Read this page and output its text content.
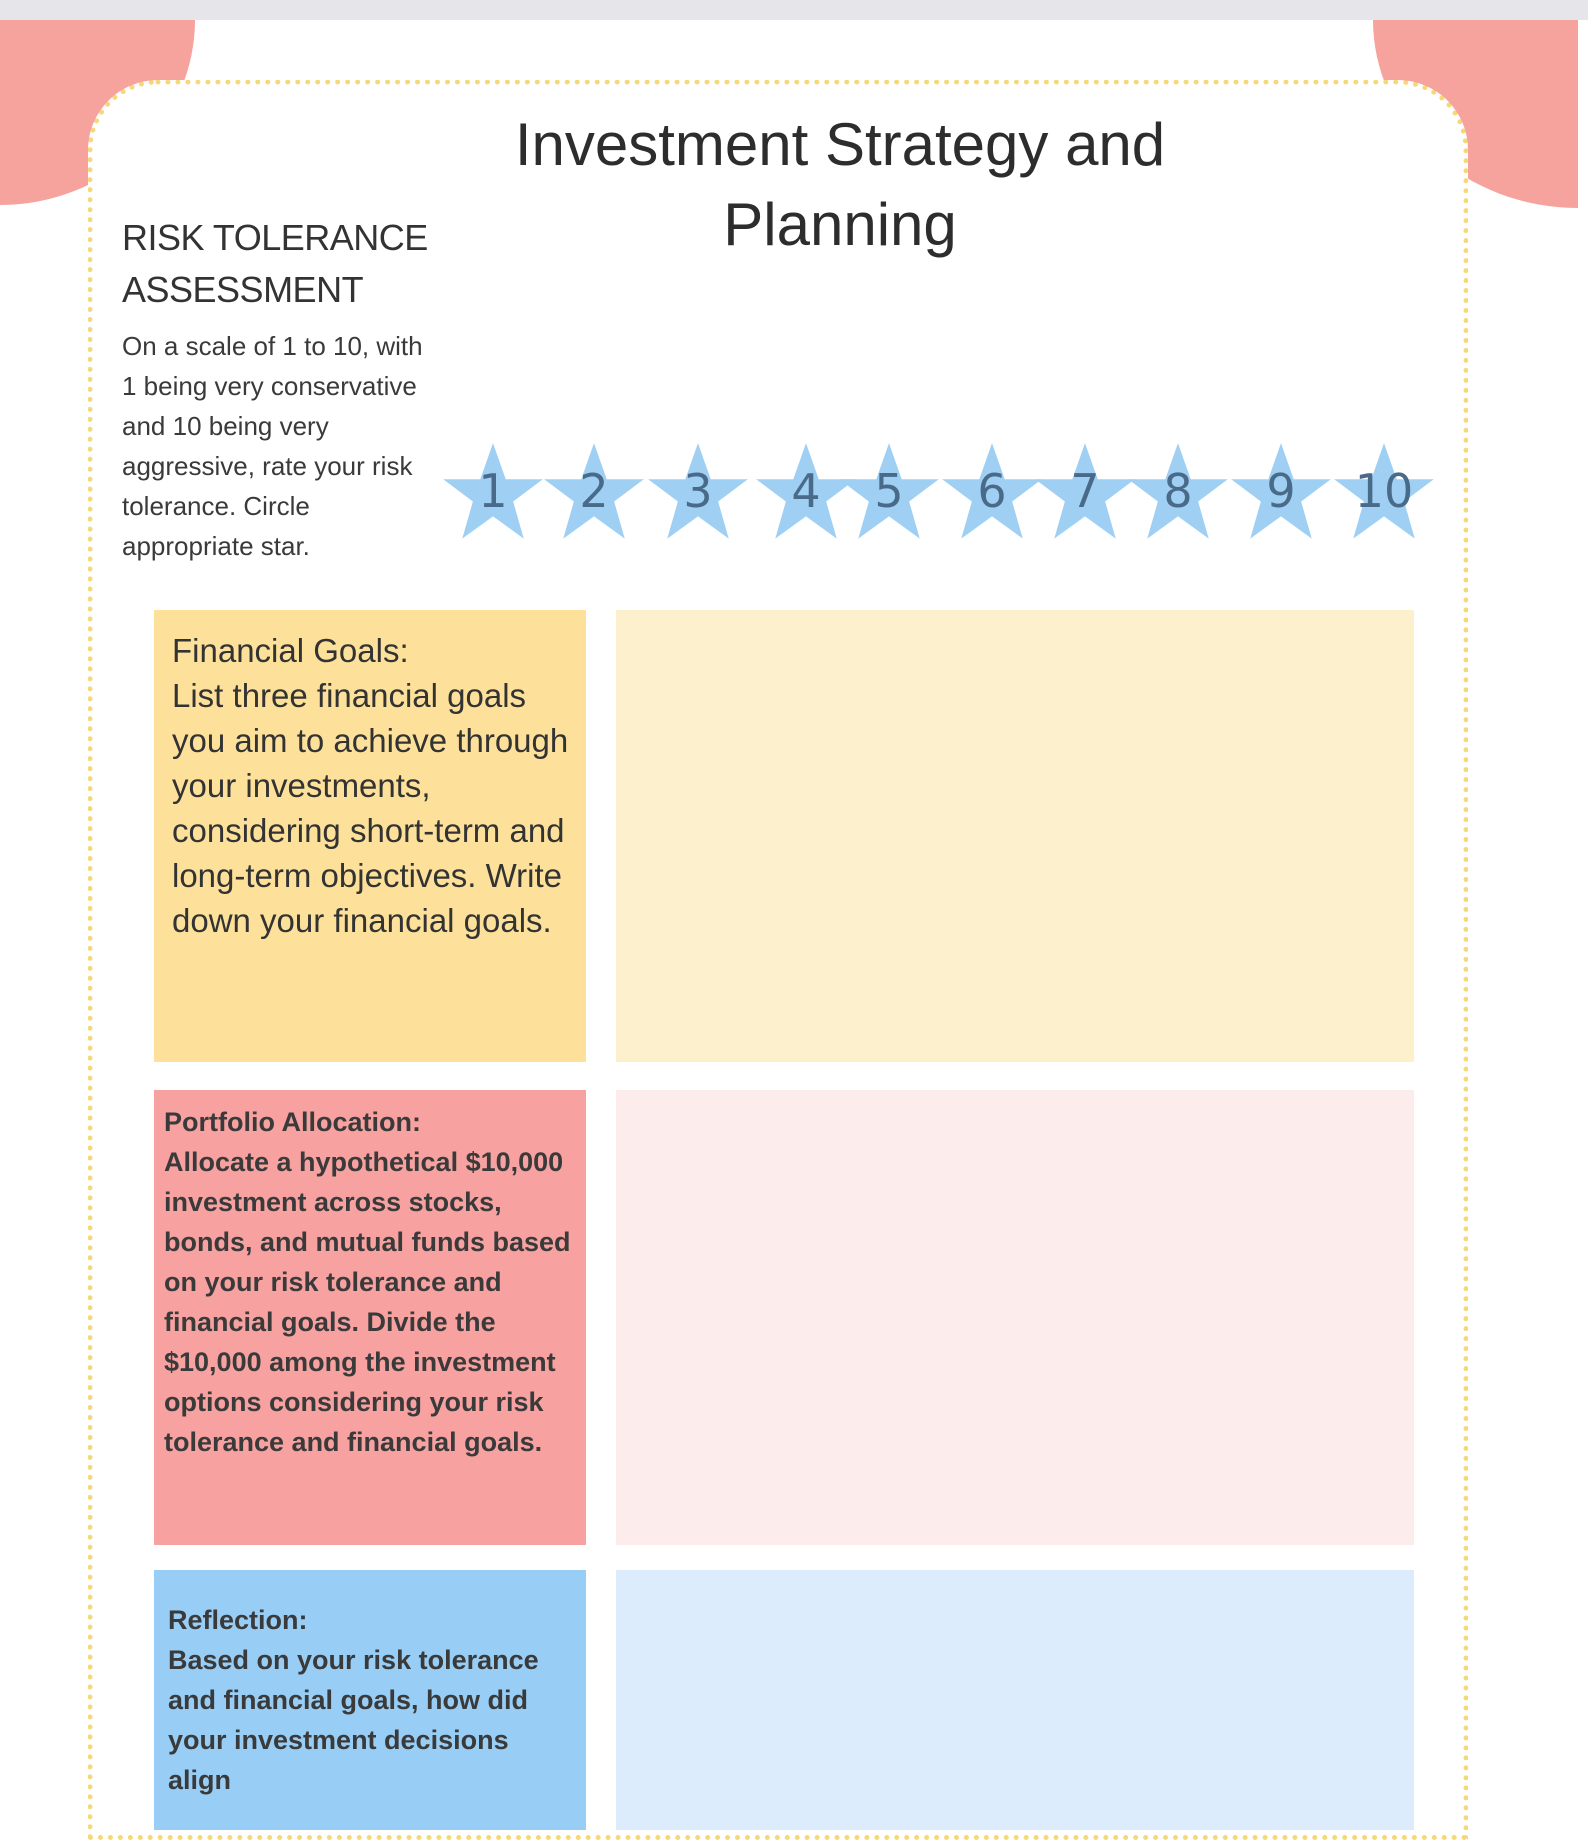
Investment Strategy and Planning
RISK TOLERANCE ASSESSMENT
On a scale of 1 to 10, with 1 being very conservative and 10 being very aggressive, rate your risk tolerance. Circle appropriate star.
1	2	3	4	5	6	7	8	9	10
Financial Goals:
List three financial goals you aim to achieve through your investments, considering short-term and long-term objectives. Write down your financial goals.
Portfolio Allocation:
Allocate a hypothetical $10,000 investment across stocks, bonds, and mutual funds based on your risk tolerance and financial goals. Divide the $10,000 among the investment options considering your risk tolerance and financial goals.
Reflection:
Based on your risk tolerance and financial goals, how did your investment decisions align
